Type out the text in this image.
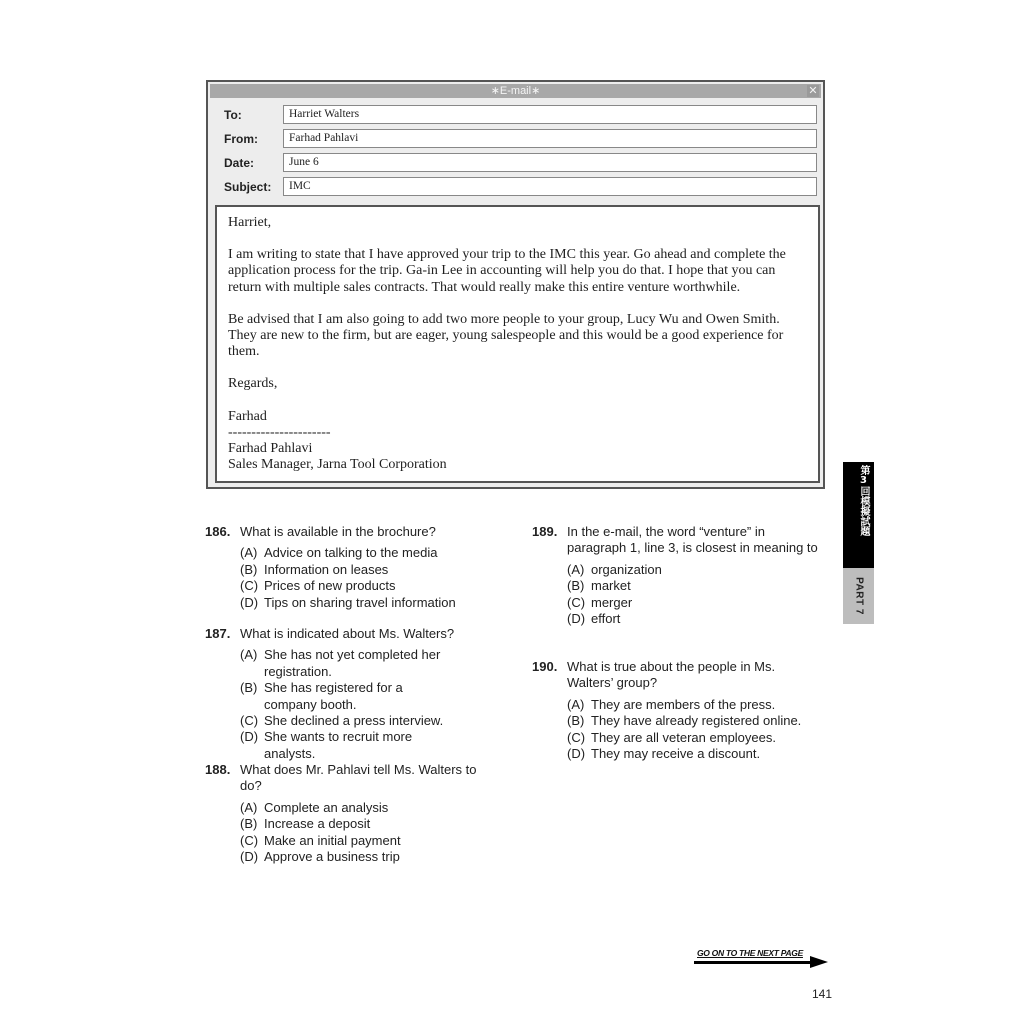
∗E-mail∗	✕
To:	Harriet Walters
From:	Farhad Pahlavi
Date:	June 6
Subject:	IMC

Harriet,

I am writing to state that I have approved your trip to the IMC this year. Go ahead and complete the application process for the trip. Ga-in Lee in accounting will help you do that. I hope that you can return with multiple sales contracts. That would really make this entire venture worthwhile.

Be advised that I am also going to add two more people to your group, Lucy Wu and Owen Smith. They are new to the firm, but are eager, young salespeople and this would be a good experience for them.

Regards,

Farhad

----------------------

Farhad Pahlavi

Sales Manager, Jarna Tool Corporation

第3回模擬試題
PART 7
186. What is available in the brochure?
(A) Advice on talking to the media
(B) Information on leases
(C) Prices of new products
(D) Tips on sharing travel information
187. What is indicated about Ms. Walters?
(A) She has not yet completed her registration.
(B) She has registered for a company booth.
(C) She declined a press interview.
(D) She wants to recruit more analysts.
188. What does Mr. Pahlavi tell Ms. Walters to do?
(A) Complete an analysis
(B) Increase a deposit
(C) Make an initial payment
(D) Approve a business trip
189. In the e-mail, the word “venture” in paragraph 1, line 3, is closest in meaning to
(A) organization
(B) market
(C) merger
(D) effort
190. What is true about the people in Ms. Walters’ group?
(A) They are members of the press.
(B) They have already registered online.
(C) They are all veteran employees.
(D) They may receive a discount.
GO ON TO THE NEXT PAGE
141
